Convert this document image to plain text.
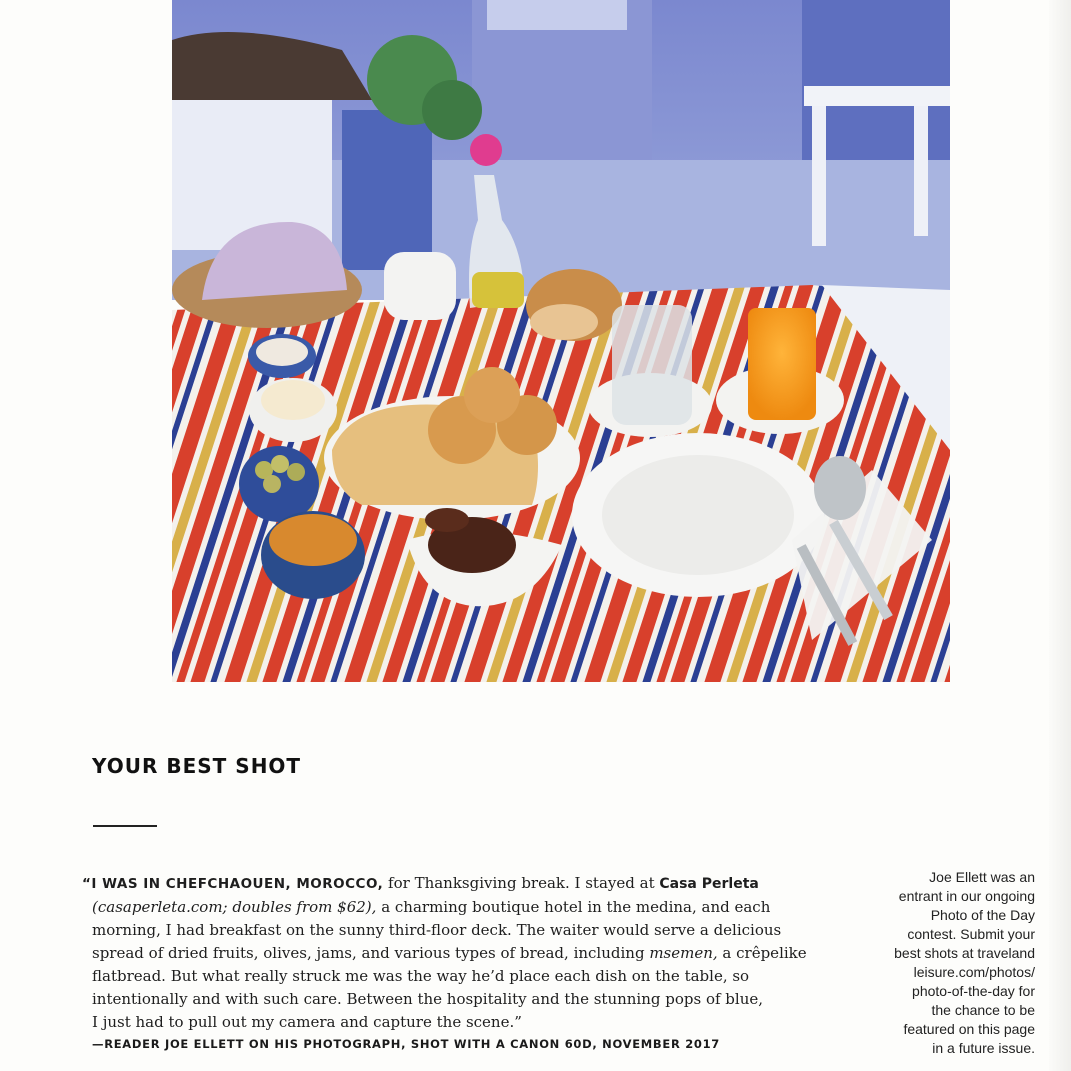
YOUR BEST SHOT
“I WAS IN CHEFCHAOUEN, MOROCCO, for Thanksgiving break. I stayed at Casa Perleta
(casaperleta.com; doubles from $62), a charming boutique hotel in the medina, and each
morning, I had breakfast on the sunny third-floor deck. The waiter would serve a delicious
spread of dried fruits, olives, jams, and various types of bread, including msemen, a crêpelike
flatbread. But what really struck me was the way he’d place each dish on the table, so
intentionally and with such care. Between the hospitality and the stunning pops of blue,
I just had to pull out my camera and capture the scene.”
—READER JOE ELLETT ON HIS PHOTOGRAPH, SHOT WITH A CANON 60D, NOVEMBER 2017
Joe Ellett was an
entrant in our ongoing
Photo of the Day
contest. Submit your
best shots at traveland
leisure.com/photos/
photo-of-the-day for
the chance to be
featured on this page
in a future issue.
